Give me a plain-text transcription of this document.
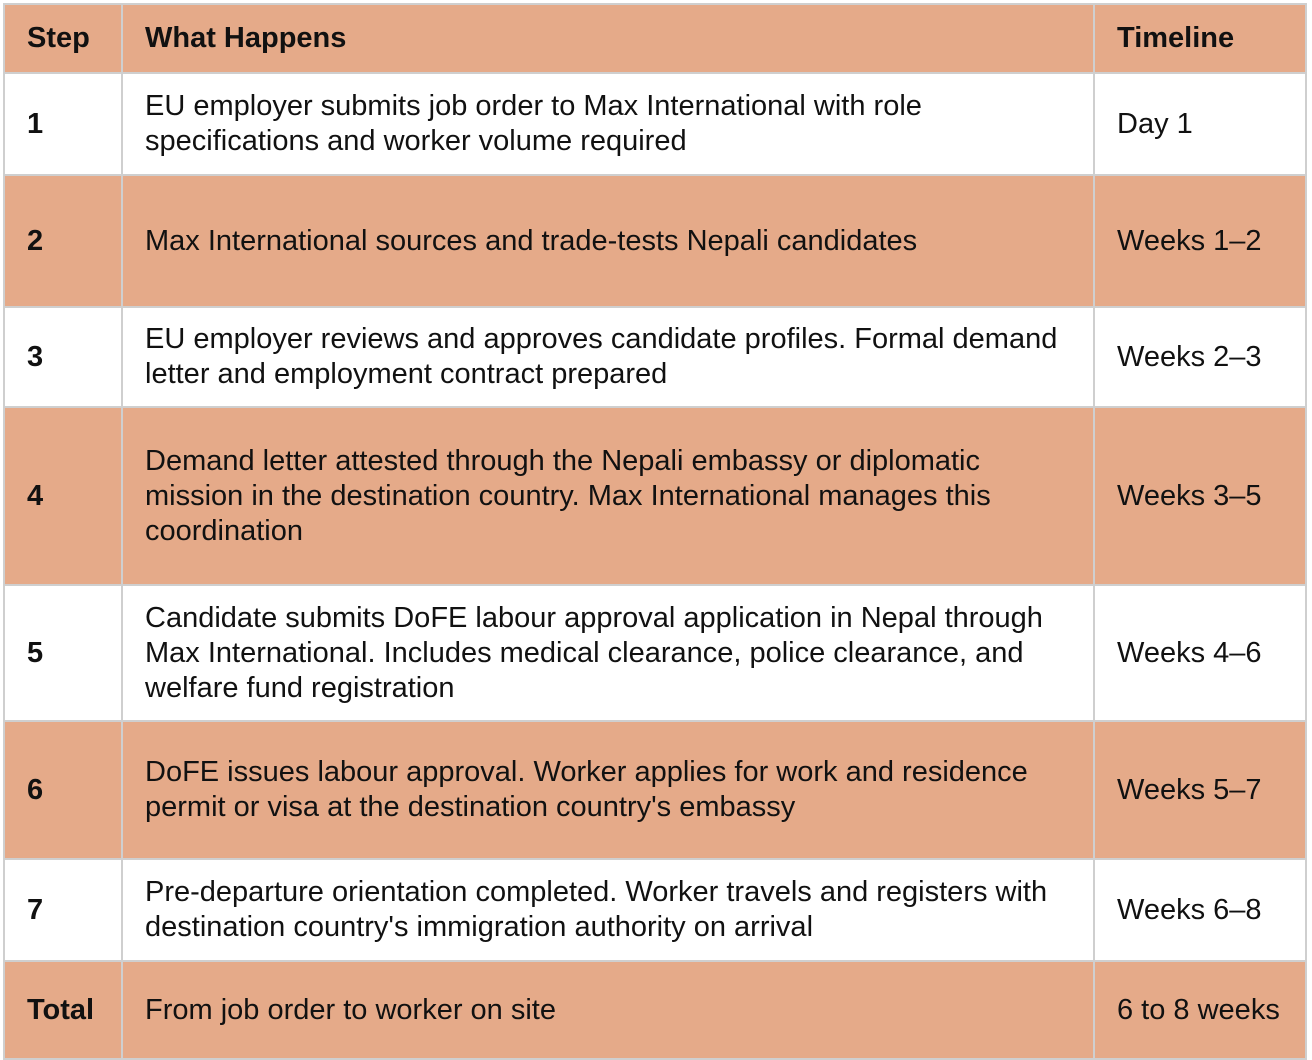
Step	What Happens	Timeline
1	EU employer submits job order to Max International with role specifications and worker volume required	Day 1
2	Max International sources and trade-tests Nepali candidates	Weeks 1–2
3	EU employer reviews and approves candidate profiles. Formal demand letter and employment contract prepared	Weeks 2–3
4	Demand letter attested through the Nepali embassy or diplomatic mission in the destination country. Max International manages this coordination	Weeks 3–5
5	Candidate submits DoFE labour approval application in Nepal through Max International. Includes medical clearance, police clearance, and welfare fund registration	Weeks 4–6
6	DoFE issues labour approval. Worker applies for work and residence permit or visa at the destination country's embassy	Weeks 5–7
7	Pre-departure orientation completed. Worker travels and registers with destination country's immigration authority on arrival	Weeks 6–8
Total	From job order to worker on site	6 to 8 weeks
